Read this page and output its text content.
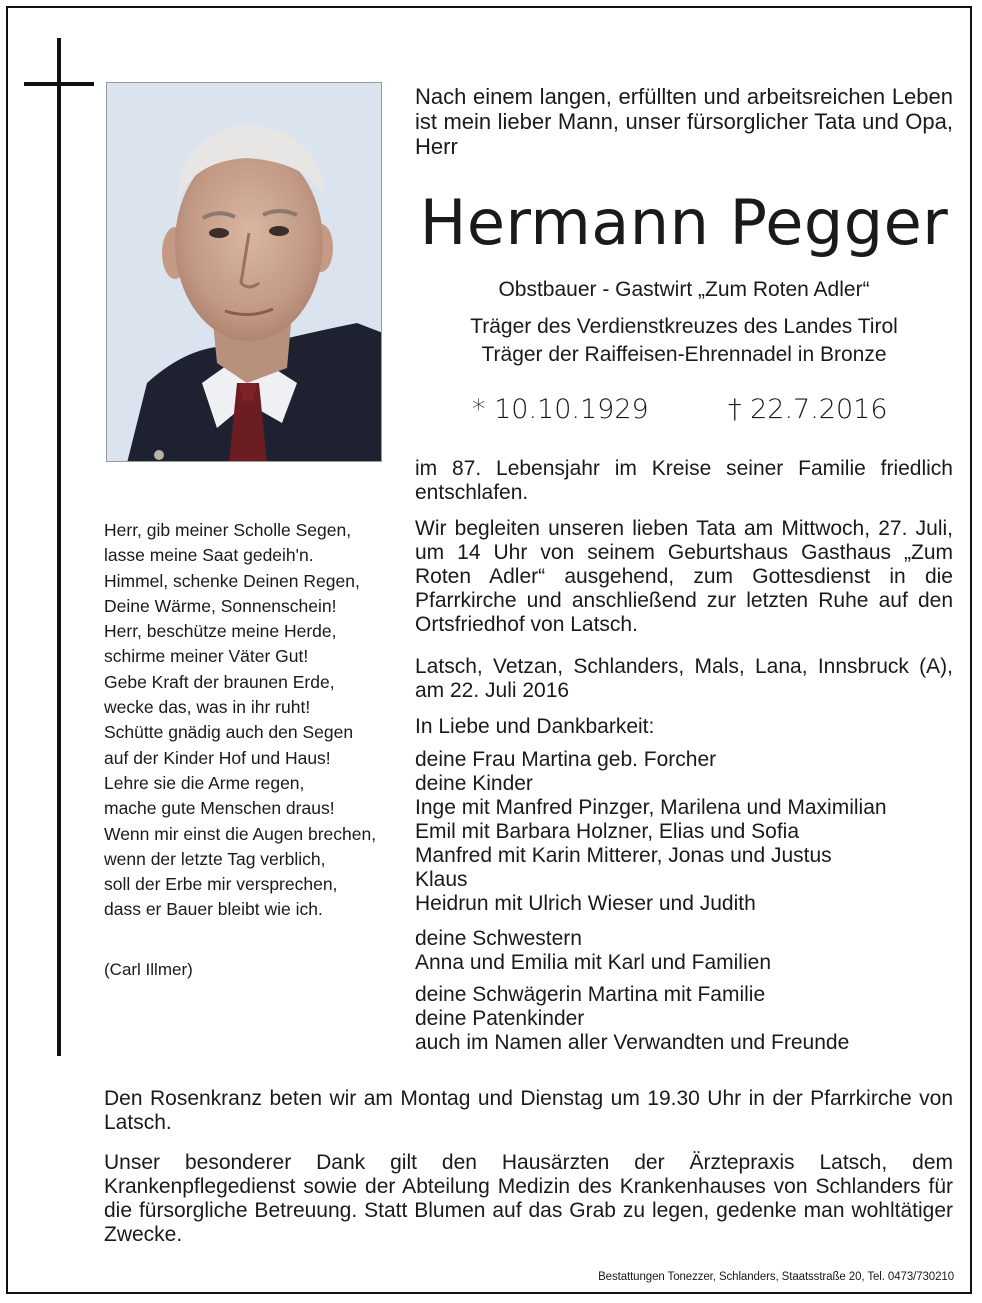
Nach einem langen, erfüllten und arbeitsreichen Leben ist mein lieber Mann, unser fürsorglicher Tata und Opa, Herr

Hermann Pegger

Obstbauer - Gastwirt „Zum Roten Adler“

Träger des Verdienstkreuzes des Landes Tirol

Träger der Raiffeisen-Ehrennadel in Bronze

* 10.10.1929	† 22.7.2016

im 87. Lebensjahr im Kreise seiner Familie friedlich entschlafen.

Wir begleiten unseren lieben Tata am Mittwoch, 27. Juli, um 14 Uhr von seinem Geburtshaus Gasthaus „Zum Roten Adler“ ausgehend, zum Gottesdienst in die Pfarrkirche und anschließend zur letzten Ruhe auf den Ortsfriedhof von Latsch.

Latsch, Vetzan, Schlanders, Mals, Lana, Innsbruck (A), am 22. Juli 2016

In Liebe und Dankbarkeit:

deine Frau Martina geb. Forcher
deine Kinder
Inge mit Manfred Pinzger, Marilena und Maximilian
Emil mit Barbara Holzner, Elias und Sofia
Manfred mit Karin Mitterer, Jonas und Justus
Klaus
Heidrun mit Ulrich Wieser und Judith
deine Schwestern
Anna und Emilia mit Karl und Familien
deine Schwägerin Martina mit Familie
deine Patenkinder
auch im Namen aller Verwandten und Freunde
Herr, gib meiner Scholle Segen,
lasse meine Saat gedeih'n.
Himmel, schenke Deinen Regen,
Deine Wärme, Sonnenschein!
Herr, beschütze meine Herde,
schirme meiner Väter Gut!
Gebe Kraft der braunen Erde,
wecke das, was in ihr ruht!
Schütte gnädig auch den Segen
auf der Kinder Hof und Haus!
Lehre sie die Arme regen,
mache gute Menschen draus!
Wenn mir einst die Augen brechen,
wenn der letzte Tag verblich,
soll der Erbe mir versprechen,
dass er Bauer bleibt wie ich.

(Carl Illmer)

Den Rosenkranz beten wir am Montag und Dienstag um 19.30 Uhr in der Pfarrkirche von Latsch.

Unser besonderer Dank gilt den Hausärzten der Ärztepraxis Latsch, dem Krankenpflegedienst sowie der Abteilung Medizin des Krankenhauses von Schlanders für die fürsorgliche Betreuung. Statt Blumen auf das Grab zu legen, gedenke man wohltätiger Zwecke.

Bestattungen Tonezzer, Schlanders, Staatsstraße 20, Tel. 0473/730210
